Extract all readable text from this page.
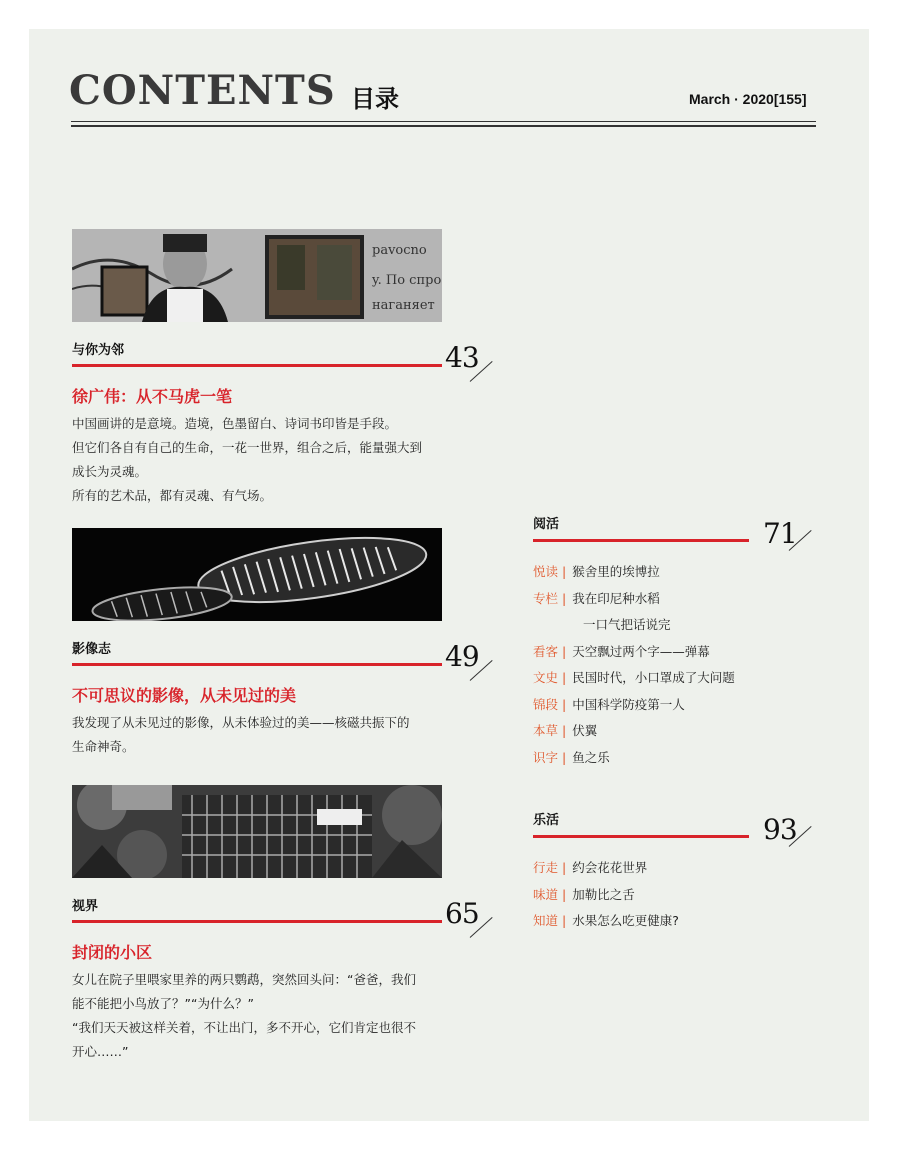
CONTENTS 目录	March · 2020[155]
pavocno
y. По спро
наганяет
与你为邻	43
徐广伟：从不马虎一笔

中国画讲的是意境。造境，色墨留白、诗词书印皆是手段。

但它们各自有自己的生命，一花一世界，组合之后，能量强大到

成长为灵魂。

所有的艺术品，都有灵魂、有气场。

影像志	49
不可思议的影像，从未见过的美

我发现了从未见过的影像，从未体验过的美——核磁共振下的

生命神奇。

视界	65
封闭的小区

女儿在院子里喂家里养的两只鹦鹉，突然回头问：“爸爸，我们

能不能把小鸟放了？”“为什么？”

“我们天天被这样关着，不让出门，多不开心，它们肯定也很不

开心……”

阅活	71
悦读 | 猴舍里的埃博拉
专栏 | 我在印尼种水稻
一口气把话说完
看客 | 天空飘过两个字——弹幕
文史 | 民国时代，小口罩成了大问题
锦段 | 中国科学防疫第一人
本草 | 伏翼
识字 | 鱼之乐
乐活	93
行走 | 约会花花世界
味道 | 加勒比之舌
知道 | 水果怎么吃更健康?
